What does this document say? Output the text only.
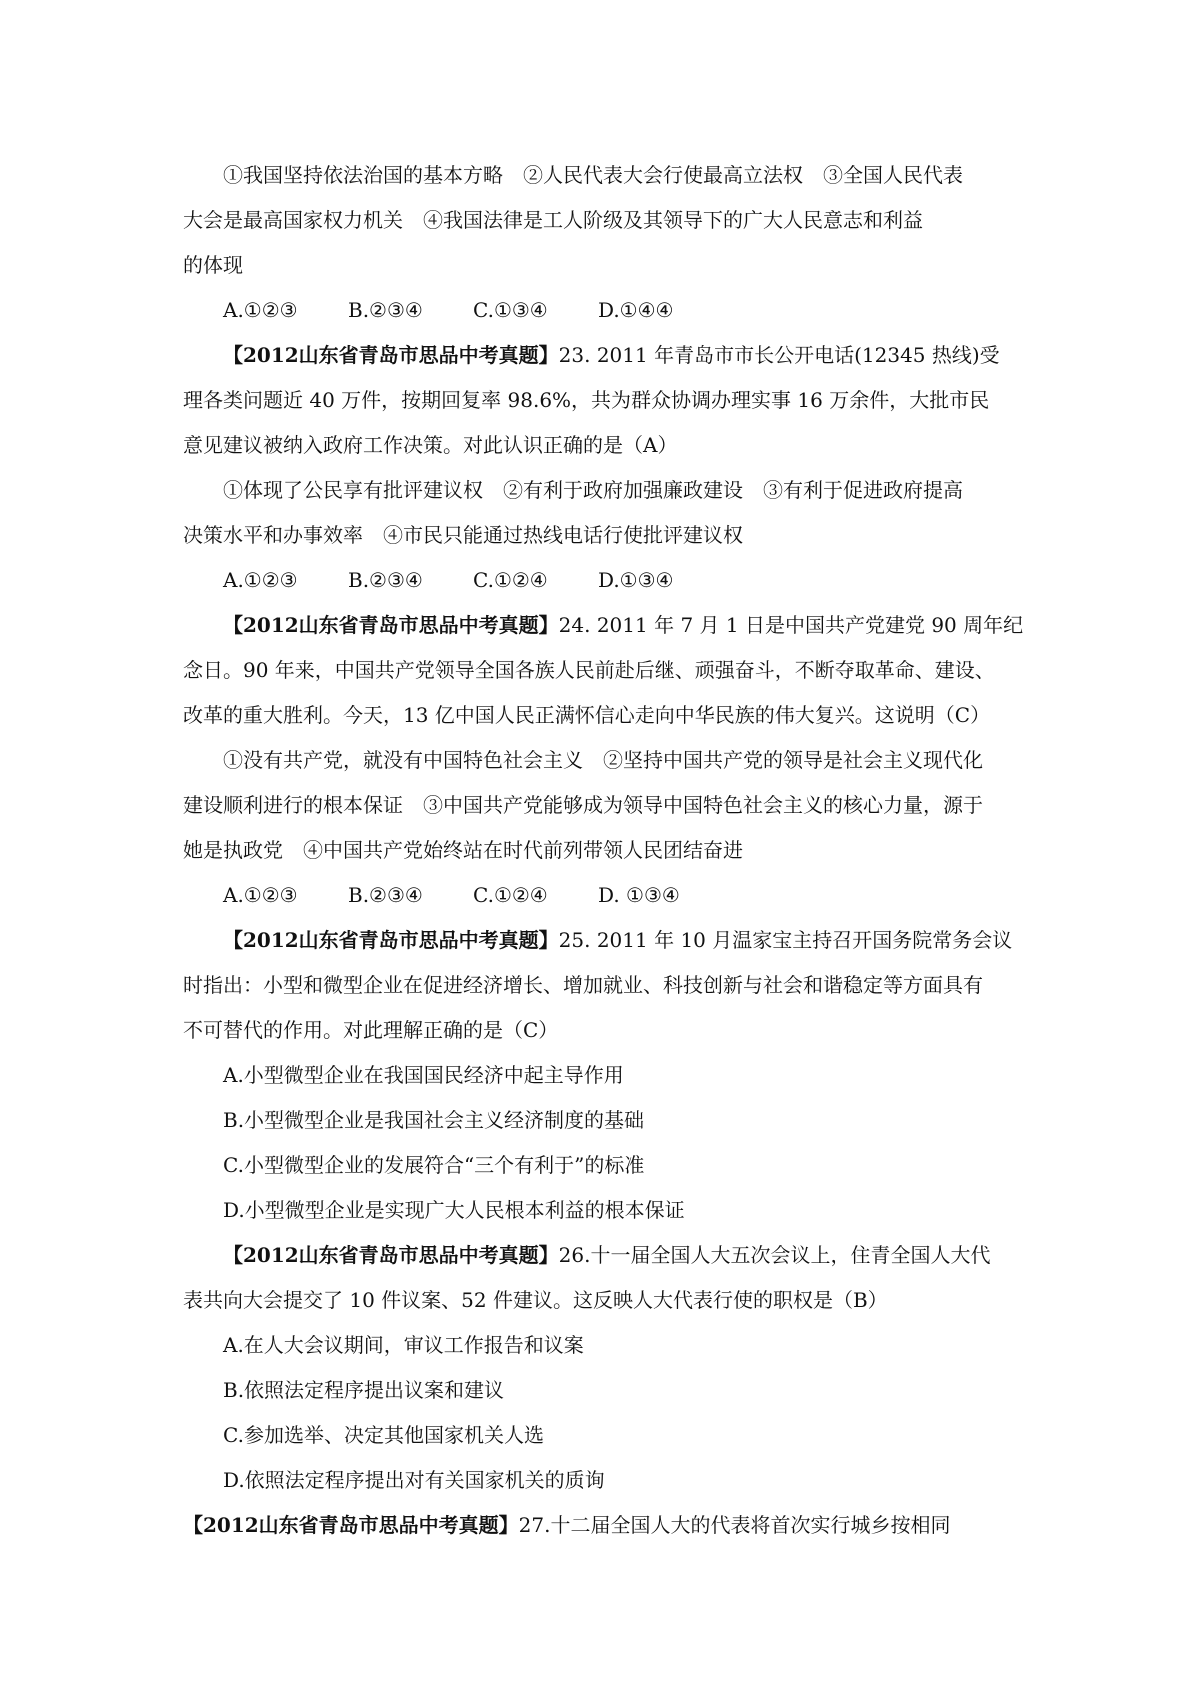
①我国坚持依法治国的基本方略　②人民代表大会行使最高立法权　③全国人民代表
大会是最高国家权力机关　④我国法律是工人阶级及其领导下的广大人民意志和利益
的体现
A.①②③	B.②③④	C.①③④	D.①④④
【2012山东省青岛市思品中考真题】23. 2011 年青岛市市长公开电话(12345 热线)受
理各类问题近 40 万件，按期回复率 98.6%，共为群众协调办理实事 16 万余件，大批市民
意见建议被纳入政府工作决策。对此认识正确的是（A）
①体现了公民享有批评建议权　②有利于政府加强廉政建设　③有利于促进政府提高
决策水平和办事效率　④市民只能通过热线电话行使批评建议权
A.①②③	B.②③④	C.①②④	D.①③④
【2012山东省青岛市思品中考真题】24. 2011 年 7 月 1 日是中国共产党建党 90 周年纪
念日。90 年来，中国共产党领导全国各族人民前赴后继、顽强奋斗，不断夺取革命、建设、
改革的重大胜利。今天，13 亿中国人民正满怀信心走向中华民族的伟大复兴。这说明（C）
①没有共产党，就没有中国特色社会主义　②坚持中国共产党的领导是社会主义现代化
建设顺利进行的根本保证　③中国共产党能够成为领导中国特色社会主义的核心力量，源于
她是执政党　④中国共产党始终站在时代前列带领人民团结奋进
A.①②③	B.②③④	C.①②④	D. ①③④
【2012山东省青岛市思品中考真题】25. 2011 年 10 月温家宝主持召开国务院常务会议
时指出：小型和微型企业在促进经济增长、增加就业、科技创新与社会和谐稳定等方面具有
不可替代的作用。对此理解正确的是（C）
A.小型微型企业在我国国民经济中起主导作用
B.小型微型企业是我国社会主义经济制度的基础
C.小型微型企业的发展符合“三个有利于”的标准
D.小型微型企业是实现广大人民根本利益的根本保证
【2012山东省青岛市思品中考真题】26.十一届全国人大五次会议上，住青全国人大代
表共向大会提交了 10 件议案、52 件建议。这反映人大代表行使的职权是（B）
A.在人大会议期间，审议工作报告和议案
B.依照法定程序提出议案和建议
C.参加选举、决定其他国家机关人选
D.依照法定程序提出对有关国家机关的质询
【2012山东省青岛市思品中考真题】27.十二届全国人大的代表将首次实行城乡按相同
